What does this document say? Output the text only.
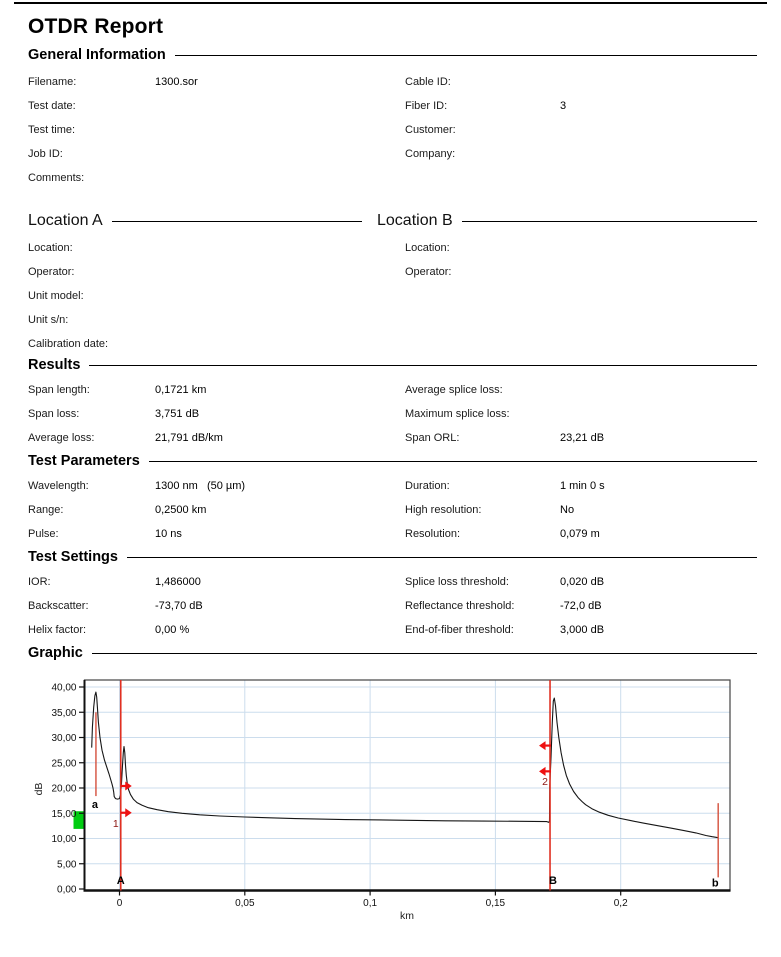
OTDR Report
General Information
Filename:	1300.sor	Cable ID:
Test date:	Fiber ID:	3
Test time:	Customer:
Job ID:	Company:
Comments:
Location A	Location B
Location:	Location:
Operator:	Operator:
Unit model:
Unit s/n:
Calibration date:
Results
Span length:	0,1721 km	Average splice loss:
Span loss:	3,751 dB	Maximum splice loss:
Average loss:	21,791 dB/km	Span ORL:	23,21 dB
Test Parameters
Wavelength:	1300 nm   (50 µm)	Duration:	1 min 0 s
Range:	0,2500 km	High resolution:	No
Pulse:	10 ns	Resolution:	0,079 m
Test Settings
IOR:	1,486000	Splice loss threshold:	0,020 dB
Backscatter:	-73,70 dB	Reflectance threshold:	-72,0 dB
Helix factor:	0,00 %	End-of-fiber threshold:	3,000 dB
Graphic
0,00
5,00
10,00
15,00
20,00
25,00
30,00
35,00
40,00
0	0,05	0,1	0,15	0,2
dB
km
a
A	B	b
1
2
